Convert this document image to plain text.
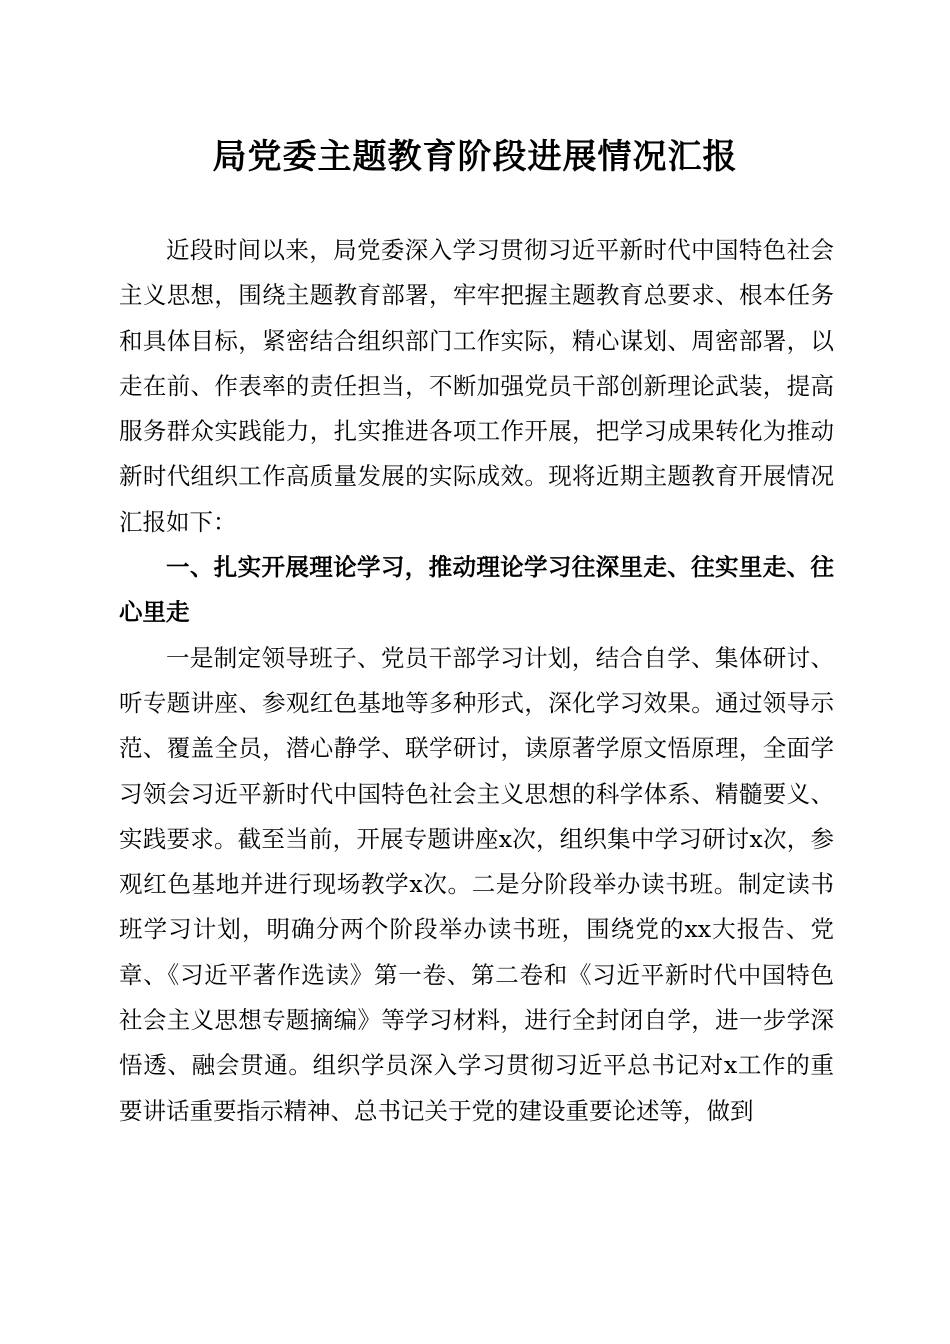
局党委主题教育阶段进展情况汇报

近段时间以来，局党委深入学习贯彻习近平新时代中国特色社会主义思想，围绕主题教育部署，牢牢把握主题教育总要求、根本任务和具体目标，紧密结合组织部门工作实际，精心谋划、周密部署，以走在前、作表率的责任担当，不断加强党员干部创新理论武装，提高服务群众实践能力，扎实推进各项工作开展，把学习成果转化为推动新时代组织工作高质量发展的实际成效。现将近期主题教育开展情况汇报如下：

一、扎实开展理论学习，推动理论学习往深里走、往实里走、往心里走

一是制定领导班子、党员干部学习计划，结合自学、集体研讨、听专题讲座、参观红色基地等多种形式，深化学习效果。通过领导示范、覆盖全员，潜心静学、联学研讨，读原著学原文悟原理，全面学习领会习近平新时代中国特色社会主义思想的科学体系、精髓要义、实践要求。截至当前，开展专题讲座x次，组织集中学习研讨x次，参观红色基地并进行现场教学x次。二是分阶段举办读书班。制定读书班学习计划，明确分两个阶段举办读书班，围绕党的xx大报告、党章、《习近平著作选读》第一卷、第二卷和《习近平新时代中国特色社会主义思想专题摘编》等学习材料，进行全封闭自学，进一步学深悟透、融会贯通。组织学员深入学习贯彻习近平总书记对x工作的重要讲话重要指示精神、总书记关于党的建设重要论述等，做到
